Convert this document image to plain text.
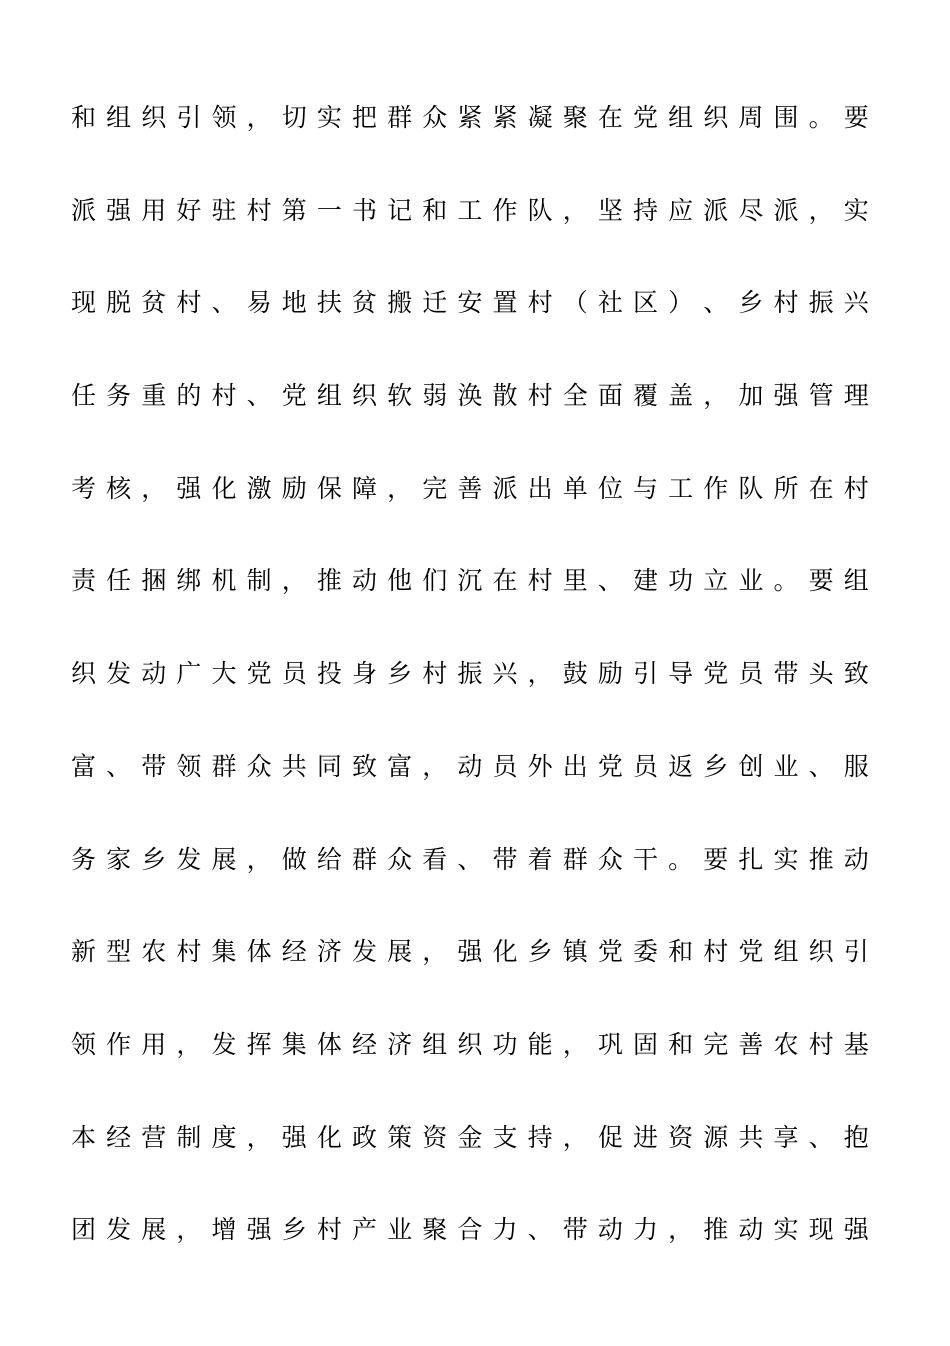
和 组 织 引 领 ， 切 实 把 群 众 紧 紧 凝 聚 在 党 组 织 周 围 。 要
派 强 用 好 驻 村 第 一 书 记 和 工 作 队 ， 坚 持 应 派 尽 派 ， 实
现 脱 贫 村 、 易 地 扶 贫 搬 迁 安 置 村 （ 社 区 ） 、 乡 村 振 兴
任 务 重 的 村 、 党 组 织 软 弱 涣 散 村 全 面 覆 盖 ， 加 强 管 理
考 核 ， 强 化 激 励 保 障 ， 完 善 派 出 单 位 与 工 作 队 所 在 村
责 任 捆 绑 机 制 ， 推 动 他 们 沉 在 村 里 、 建 功 立 业 。 要 组
织 发 动 广 大 党 员 投 身 乡 村 振 兴 ， 鼓 励 引 导 党 员 带 头 致
富 、 带 领 群 众 共 同 致 富 ， 动 员 外 出 党 员 返 乡 创 业 、 服
务 家 乡 发 展 ， 做 给 群 众 看 、 带 着 群 众 干 。 要 扎 实 推 动
新 型 农 村 集 体 经 济 发 展 ， 强 化 乡 镇 党 委 和 村 党 组 织 引
领 作 用 ， 发 挥 集 体 经 济 组 织 功 能 ， 巩 固 和 完 善 农 村 基
本 经 营 制 度 ， 强 化 政 策 资 金 支 持 ， 促 进 资 源 共 享 、 抱
团 发 展 ， 增 强 乡 村 产 业 聚 合 力 、 带 动 力 ， 推 动 实 现 强
